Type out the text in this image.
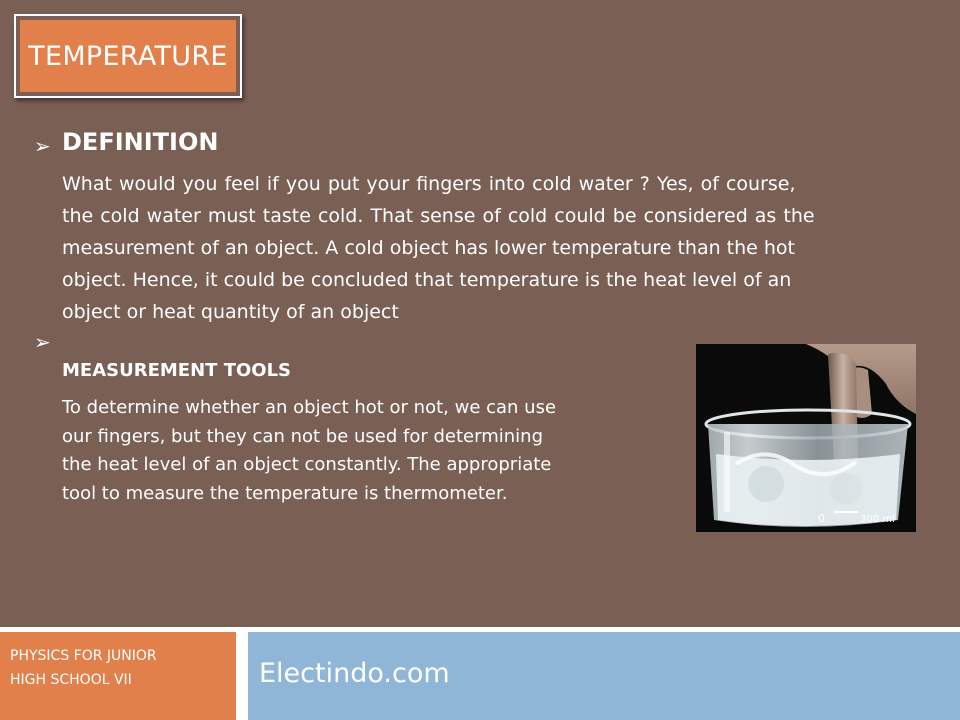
TEMPERATURE
➢ DEFINITION
What would you feel if you put your fingers into cold water ? Yes, of course,
the cold water must taste cold. That sense of cold could be considered as the
measurement of an object. A cold object has lower temperature than the hot
object. Hence, it could be concluded that temperature is the heat level of an
object or heat quantity of an object
➢
MEASUREMENT TOOLS
To determine whether an object hot or not, we can use
our fingers, but they can not be used for determining
the heat level of an object constantly. The appropriate
tool to measure the temperature is thermometer.
0	300 ml
PHYSICS FOR JUNIOR
HIGH SCHOOL VII	Electindo.com
